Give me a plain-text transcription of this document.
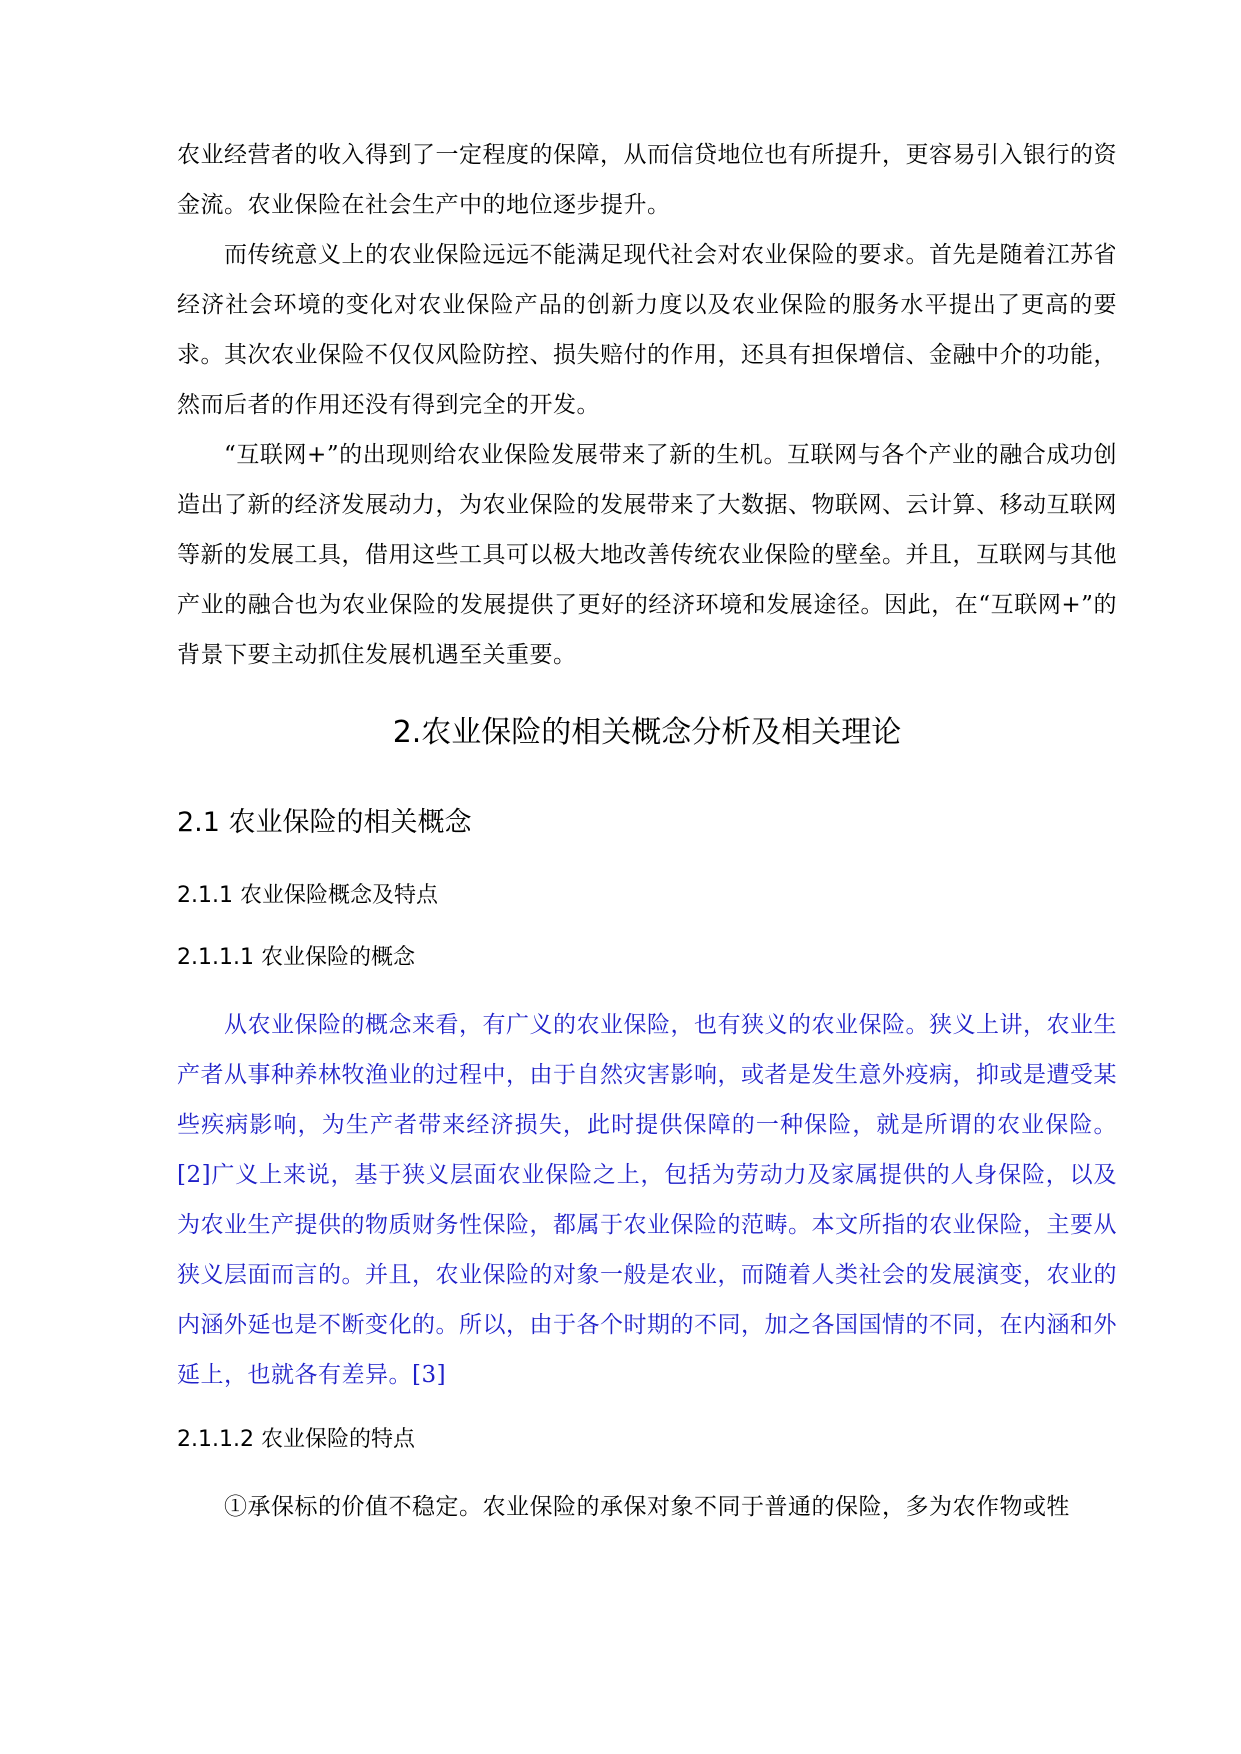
农业经营者的收入得到了一定程度的保障，从而信贷地位也有所提升，更容易引入银行的资金流。农业保险在社会生产中的地位逐步提升。

而传统意义上的农业保险远远不能满足现代社会对农业保险的要求。首先是随着江苏省经济社会环境的变化对农业保险产品的创新力度以及农业保险的服务水平提出了更高的要求。其次农业保险不仅仅风险防控、损失赔付的作用，还具有担保增信、金融中介的功能，然而后者的作用还没有得到完全的开发。

“互联网+”的出现则给农业保险发展带来了新的生机。互联网与各个产业的融合成功创造出了新的经济发展动力，为农业保险的发展带来了大数据、物联网、云计算、移动互联网等新的发展工具，借用这些工具可以极大地改善传统农业保险的壁垒。并且，互联网与其他产业的融合也为农业保险的发展提供了更好的经济环境和发展途径。因此，在“互联网+”的背景下要主动抓住发展机遇至关重要。

2.农业保险的相关概念分析及相关理论
2.1 农业保险的相关概念
2.1.1 农业保险概念及特点
2.1.1.1 农业保险的概念

从农业保险的概念来看，有广义的农业保险，也有狭义的农业保险。狭义上讲，农业生产者从事种养林牧渔业的过程中，由于自然灾害影响，或者是发生意外疫病，抑或是遭受某些疾病影响，为生产者带来经济损失，此时提供保障的一种保险，就是所谓的农业保险。[2]广义上来说，基于狭义层面农业保险之上，包括为劳动力及家属提供的人身保险，以及为农业生产提供的物质财务性保险，都属于农业保险的范畴。本文所指的农业保险，主要从狭义层面而言的。并且，农业保险的对象一般是农业，而随着人类社会的发展演变，农业的内涵外延也是不断变化的。所以，由于各个时期的不同，加之各国国情的不同，在内涵和外延上，也就各有差异。[3]

2.1.1.2 农业保险的特点

①承保标的价值不稳定。农业保险的承保对象不同于普通的保险，多为农作物或牲
